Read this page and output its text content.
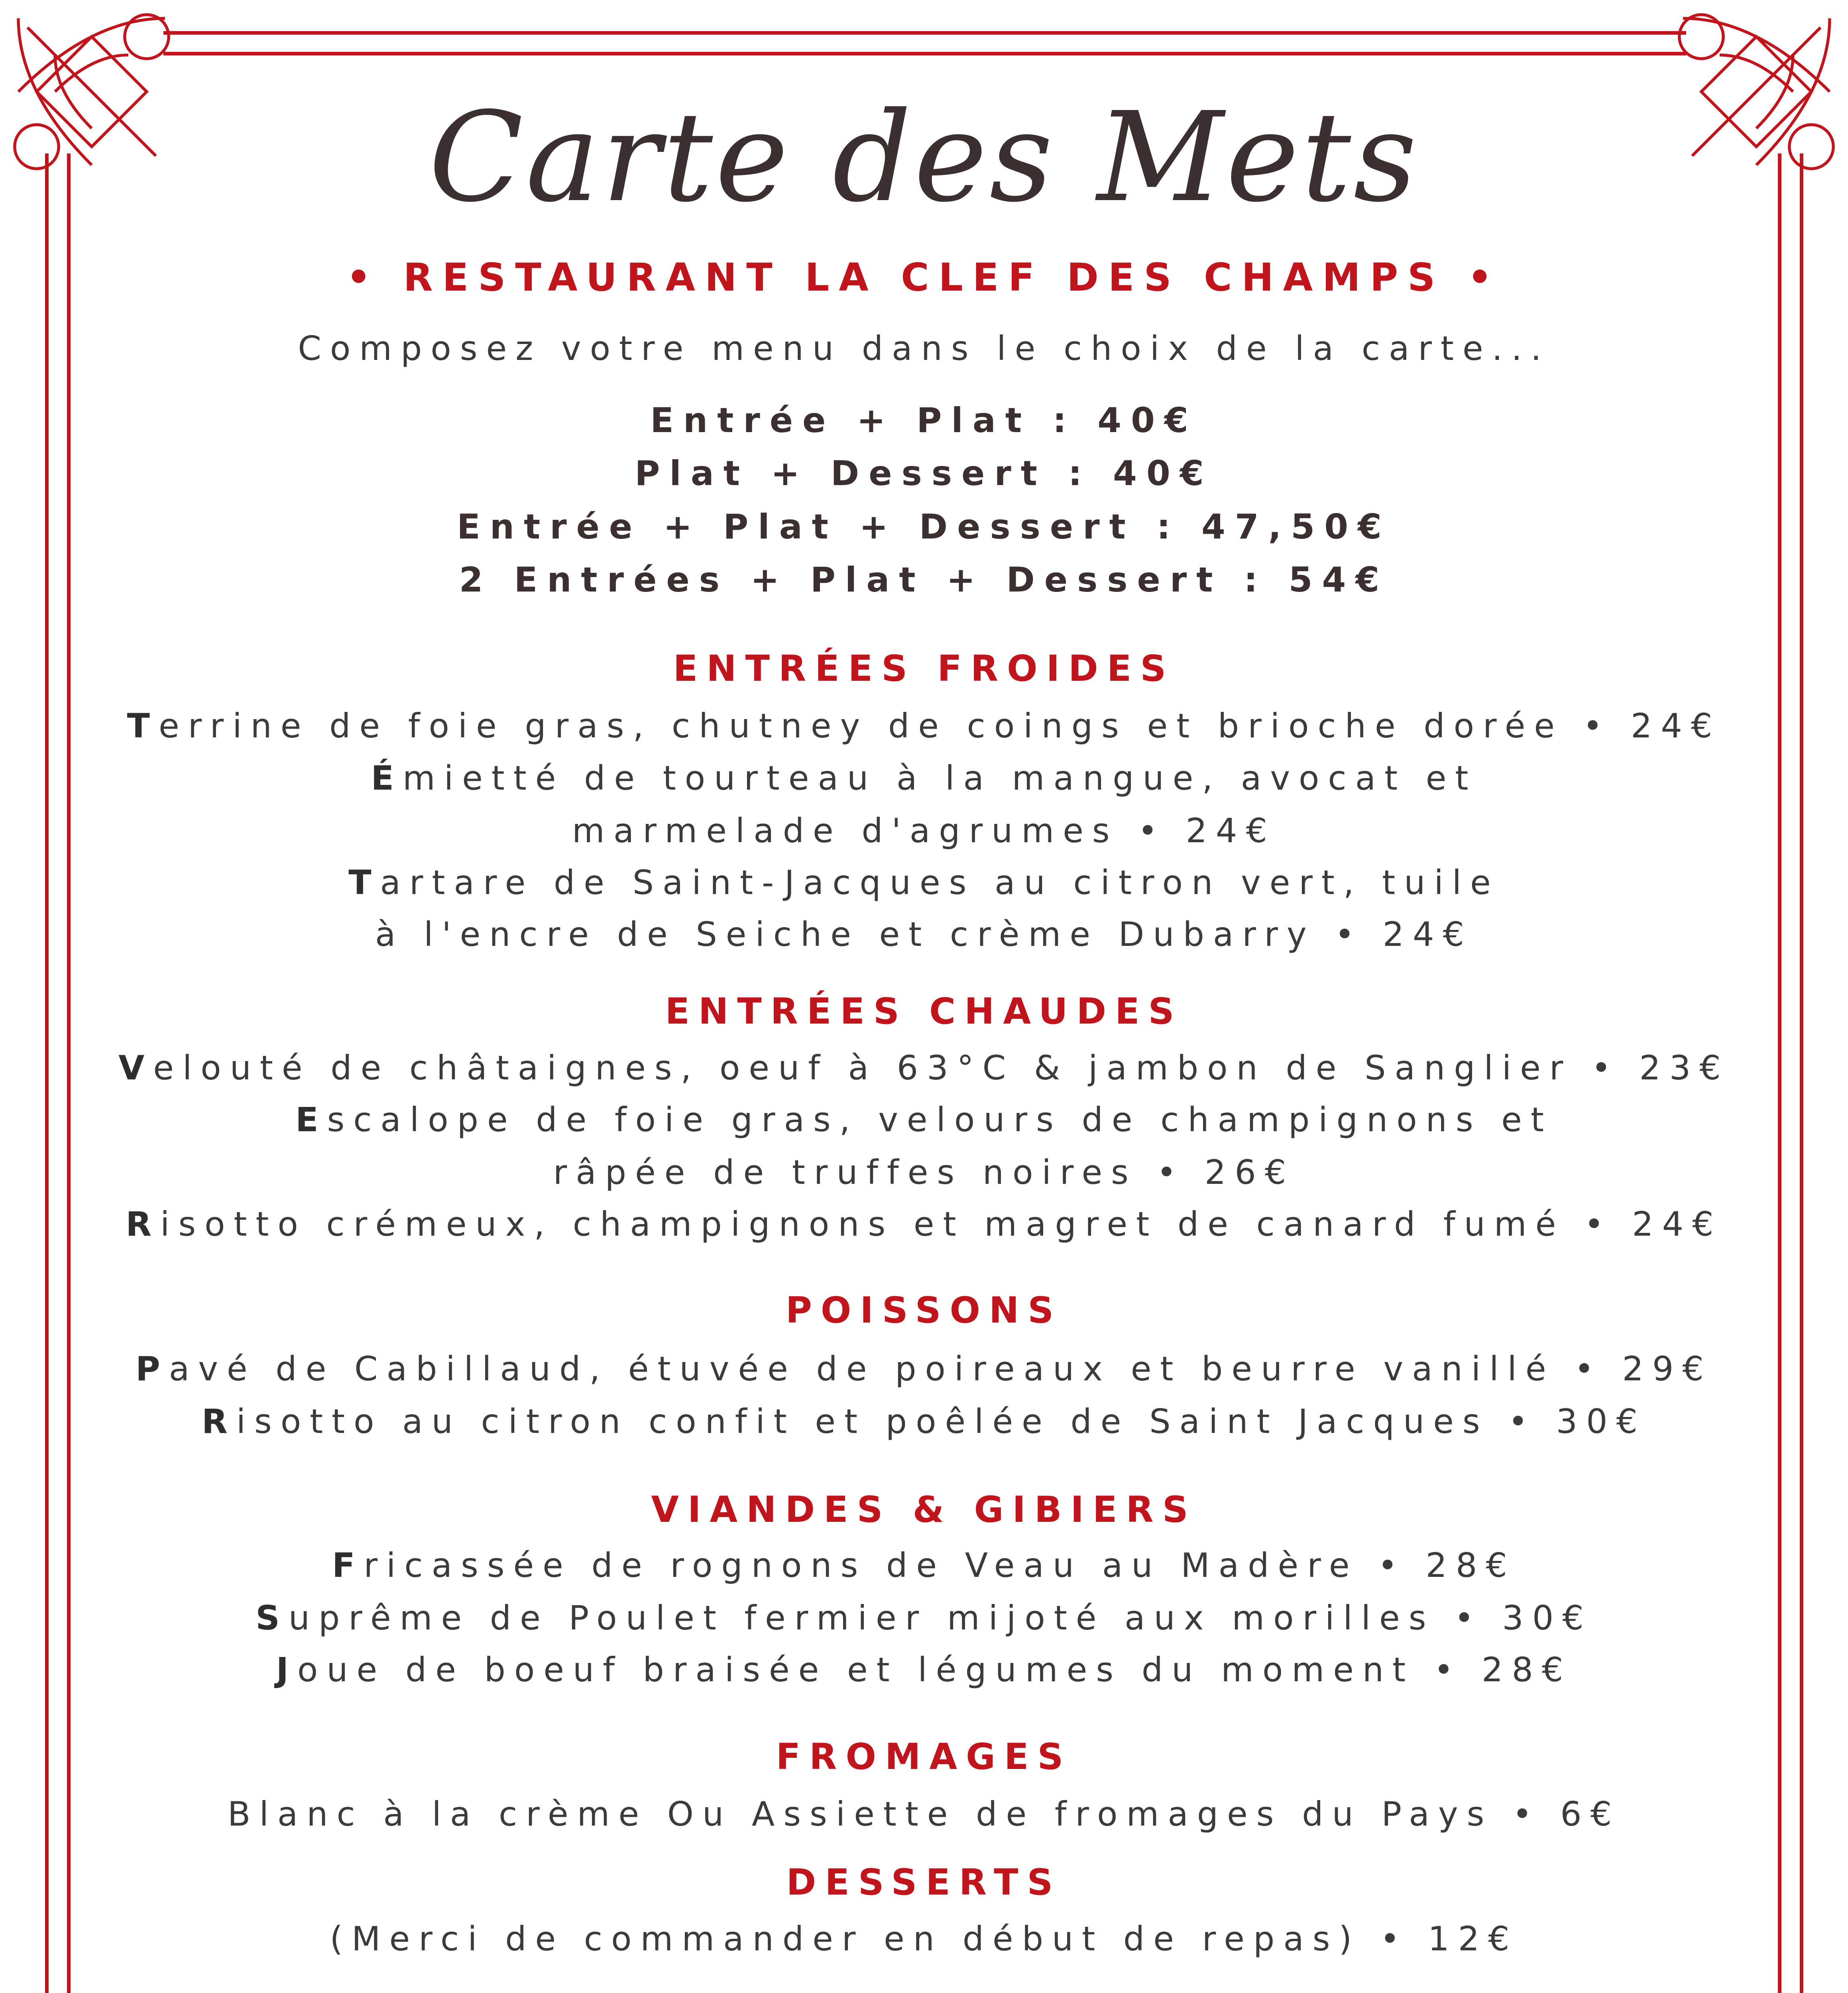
Carte des Mets
• RESTAURANT LA CLEF DES CHAMPS •
Composez votre menu dans le choix de la carte...
Entrée + Plat : 40€
Plat + Dessert : 40€
Entrée + Plat + Dessert : 47,50€
2 Entrées + Plat + Dessert : 54€
ENTRÉES FROIDES
Terrine de foie gras, chutney de coings et brioche dorée • 24€
Émietté de tourteau à la mangue, avocat et
marmelade d'agrumes • 24€
Tartare de Saint-Jacques au citron vert, tuile
à l'encre de Seiche et crème Dubarry • 24€
ENTRÉES CHAUDES
Velouté de châtaignes, oeuf à 63°C & jambon de Sanglier • 23€
Escalope de foie gras, velours de champignons et
râpée de truffes noires • 26€
Risotto crémeux, champignons et magret de canard fumé • 24€
POISSONS
Pavé de Cabillaud, étuvée de poireaux et beurre vanillé • 29€
Risotto au citron confit et poêlée de Saint Jacques • 30€
VIANDES & GIBIERS
Fricassée de rognons de Veau au Madère • 28€
Suprême de Poulet fermier mijoté aux morilles • 30€
Joue de boeuf braisée et légumes du moment • 28€
FROMAGES
Blanc à la crème Ou Assiette de fromages du Pays • 6€
DESSERTS
(Merci de commander en début de repas) • 12€
